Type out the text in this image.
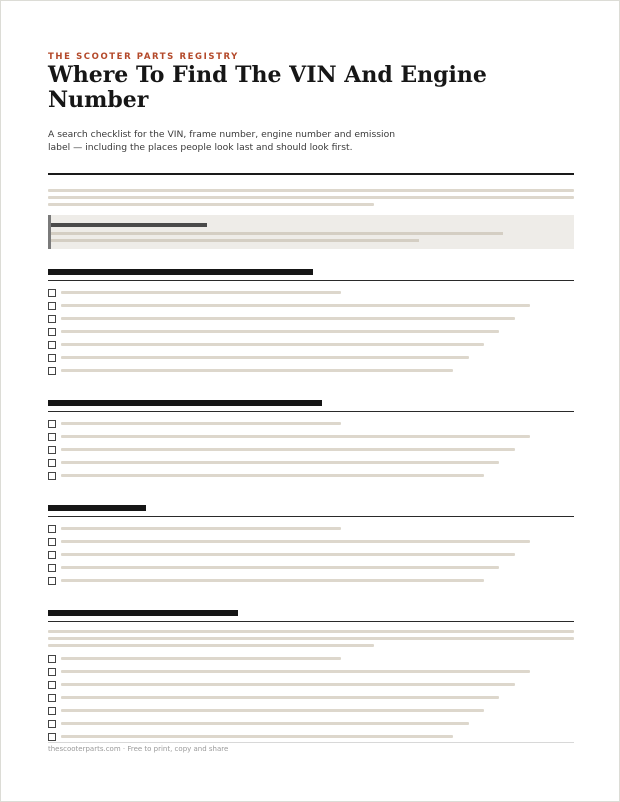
THE SCOOTER PARTS REGISTRY
Where To Find The VIN And Engine Number

A search checklist for the VIN, frame number, engine number and emission label — including the places people look last and should look first.

thescooterparts.com · Free to print, copy and share
